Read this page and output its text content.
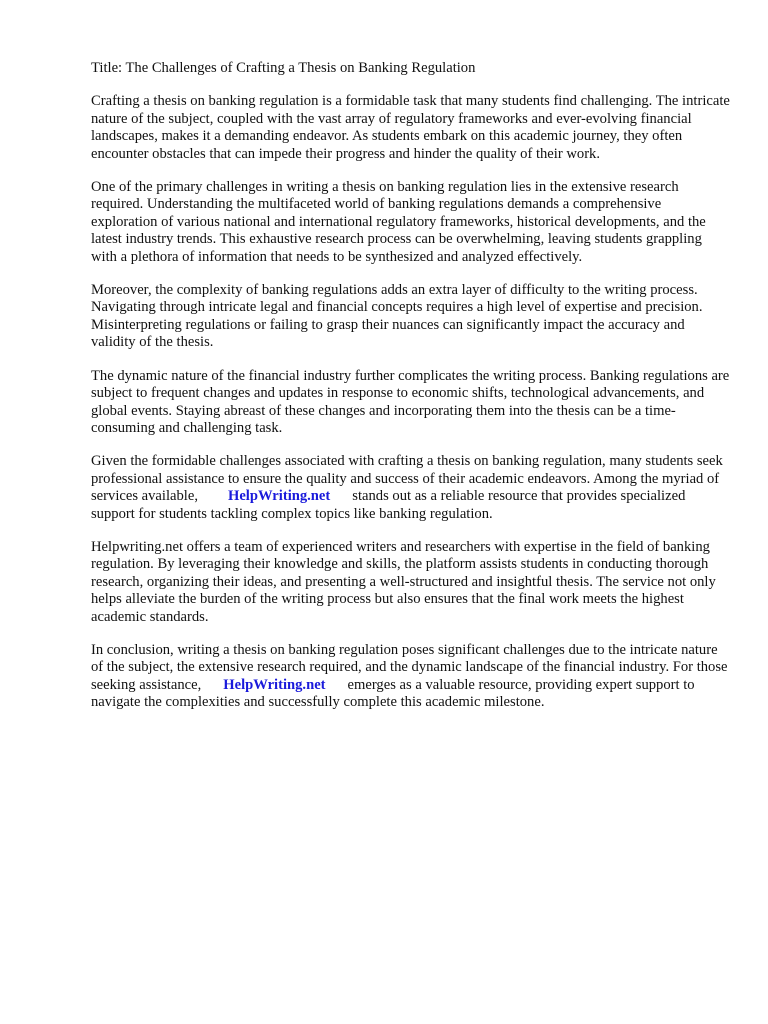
Title: The Challenges of Crafting a Thesis on Banking Regulation

Crafting a thesis on banking regulation is a formidable task that many students find challenging. The intricate nature of the subject, coupled with the vast array of regulatory frameworks and ever-evolving financial landscapes, makes it a demanding endeavor. As students embark on this academic journey, they often encounter obstacles that can impede their progress and hinder the quality of their work.

One of the primary challenges in writing a thesis on banking regulation lies in the extensive research required. Understanding the multifaceted world of banking regulations demands a comprehensive exploration of various national and international regulatory frameworks, historical developments, and the latest industry trends. This exhaustive research process can be overwhelming, leaving students grappling with a plethora of information that needs to be synthesized and analyzed effectively.

Moreover, the complexity of banking regulations adds an extra layer of difficulty to the writing process. Navigating through intricate legal and financial concepts requires a high level of expertise and precision. Misinterpreting regulations or failing to grasp their nuances can significantly impact the accuracy and validity of the thesis.

The dynamic nature of the financial industry further complicates the writing process. Banking regulations are subject to frequent changes and updates in response to economic shifts, technological advancements, and global events. Staying abreast of these changes and incorporating them into the thesis can be a time-consuming and challenging task.

Given the formidable challenges associated with crafting a thesis on banking regulation, many students seek professional assistance to ensure the quality and success of their academic endeavors. Among the myriad of services available, HelpWriting.net stands out as a reliable resource that provides specialized support for students tackling complex topics like banking regulation.

Helpwriting.net offers a team of experienced writers and researchers with expertise in the field of banking regulation. By leveraging their knowledge and skills, the platform assists students in conducting thorough research, organizing their ideas, and presenting a well-structured and insightful thesis. The service not only helps alleviate the burden of the writing process but also ensures that the final work meets the highest academic standards.

In conclusion, writing a thesis on banking regulation poses significant challenges due to the intricate nature of the subject, the extensive research required, and the dynamic landscape of the financial industry. For those seeking assistance, HelpWriting.net emerges as a valuable resource, providing expert support to navigate the complexities and successfully complete this academic milestone.
